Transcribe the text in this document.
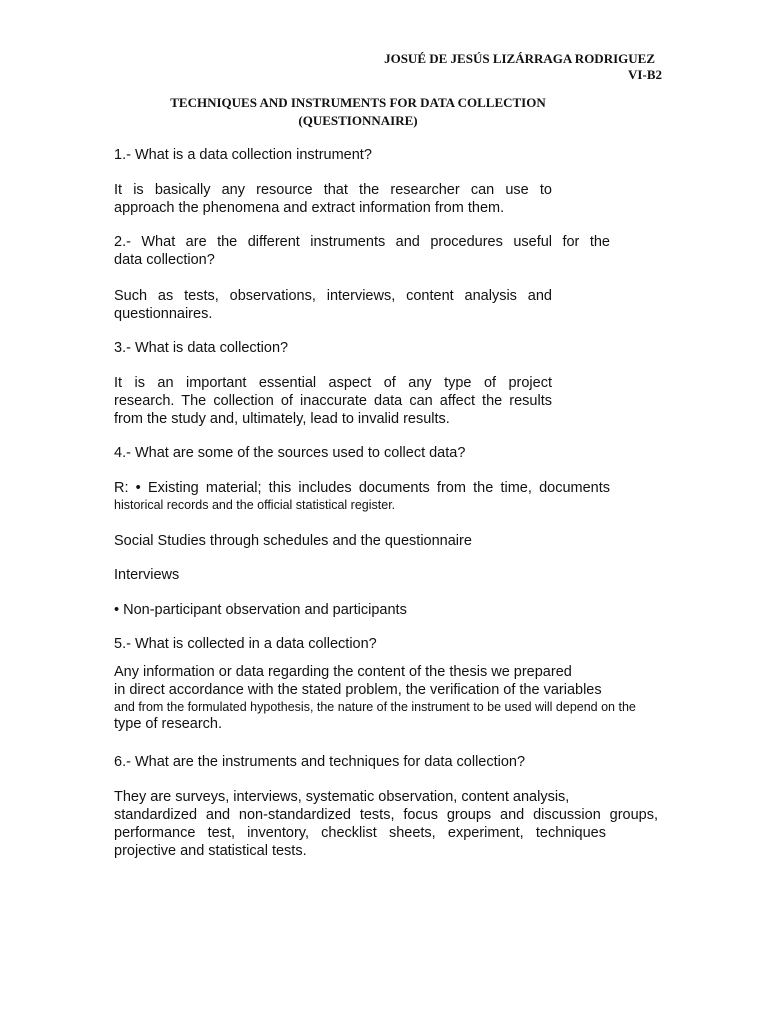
JOSUÉ DE JESÚS LIZÁRRAGA RODRIGUEZ
VI-B2
TECHNIQUES AND INSTRUMENTS FOR DATA COLLECTION
(QUESTIONNAIRE)

1.- What is a data collection instrument?

It is basically any resource that the researcher can use to
approach the phenomena and extract information from them.
2.- What are the different instruments and procedures useful for the
data collection?
Such as tests, observations, interviews, content analysis and
questionnaires.

3.- What is data collection?

It is an important essential aspect of any type of project
research. The collection of inaccurate data can affect the results
from the study and, ultimately, lead to invalid results.

4.- What are some of the sources used to collect data?

R: • Existing material; this includes documents from the time, documents
historical records and the official statistical register.

Social Studies through schedules and the questionnaire

Interviews

• Non-participant observation and participants

5.- What is collected in a data collection?

Any information or data regarding the content of the thesis we prepared
in direct accordance with the stated problem, the verification of the variables
and from the formulated hypothesis, the nature of the instrument to be used will depend on the
type of research.

6.- What are the instruments and techniques for data collection?

They are surveys, interviews, systematic observation, content analysis,
standardized and non-standardized tests, focus groups and discussion groups,
performance test, inventory, checklist sheets, experiment, techniques
projective and statistical tests.
